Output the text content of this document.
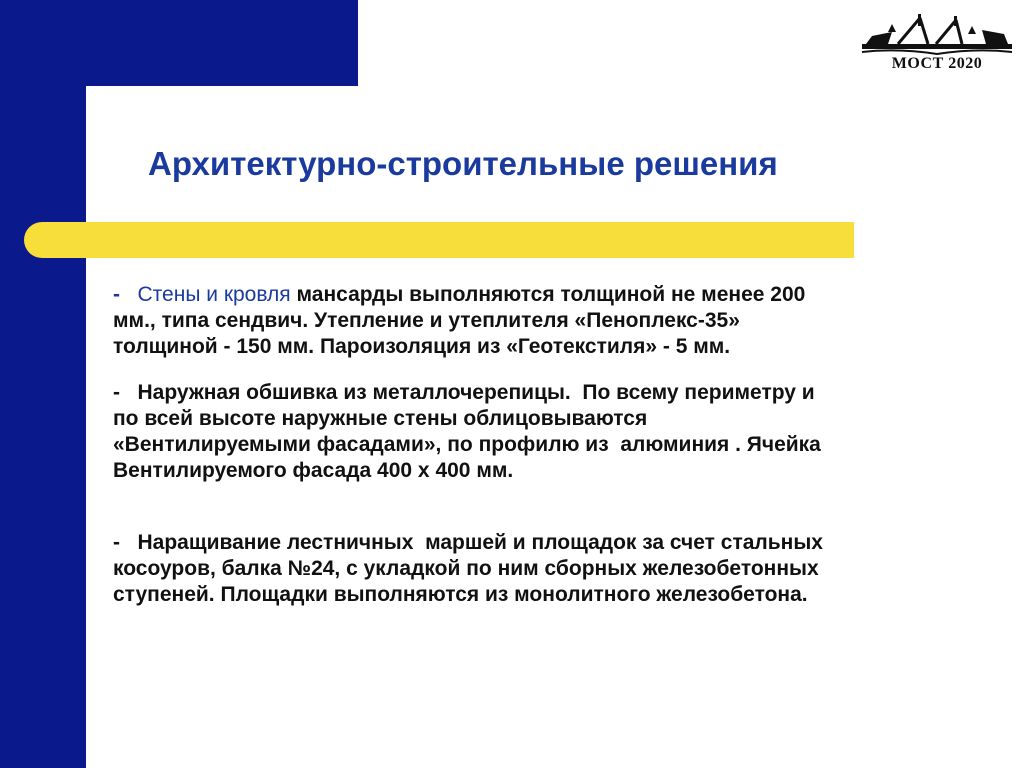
МОСТ 2020
Архитектурно-строительные решения

-   Стены и кровля мансарды выполняются толщиной не менее 200
мм., типа сендвич. Утепление и утеплителя «Пеноплекс-35»
толщиной - 150 мм. Пароизоляция из «Геотекстиля» - 5 мм.

-   Наружная обшивка из металлочерепицы.  По всему периметру и
по всей высоте наружные стены облицовываются
«Вентилируемыми фасадами», по профилю из  алюминия . Ячейка
Вентилируемого фасада 400 х 400 мм.

-   Наращивание лестничных  маршей и площадок за счет стальных
косоуров, балка №24, с укладкой по ним сборных железобетонных
ступеней. Площадки выполняются из монолитного железобетона.
